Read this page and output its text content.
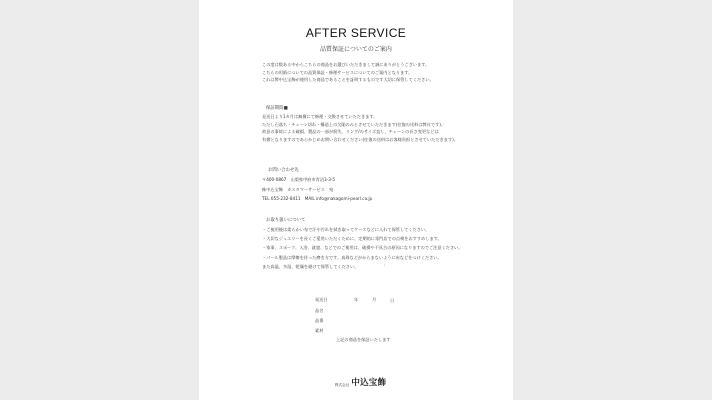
AFTER SERVICE
品質保証についてのご案内
この度は数ある中からこちらの商品をお選びいただきまして誠にありがとうございます。
こちらの用紙についての品質保証・修理サービスについてのご案内となります。
これは弊中込宝飾が使用した商品であることを証明するものです大切に保管してください。
保証期間■
見送日より1カ月は無償にて修理・交換させていただきます。
ただし石落ち・チェーン切れ・構造上の欠陥のみとさせていただきます(往復の送料は弊社です)。
故意の事故による破損、製品の一部が紛失、リング/のサイズ直し、チェーンの長さ変更などは
有償となりますのであらかじめお問い合わせください(往復の送料はお客様負担とさせていただきます)。
お問い合わせ先
〒400-0867　山梨県甲府市青沼3-3-5
株中込宝飾　カスタマーサービス　宛
TEL 055-232-8411　MAIL info@nakagomi-pearl.co.jp
お取り扱いについて
・ご使用後は柔らかい布で汗や汚れを拭き取ってケースなどに入れて保管してください。
・大切なジュエリーを長くご愛用いただくために、定期的に専門店での点検をおすすめします。
・家事、スポーツ、入浴、就寝、などでのご使用は、破損や不具合の原因になりますのでご注意ください。
・パール製品は摩擦を伴った磨き方です。真珠などがからまないように布などをつけください。
また高温、多湿、乾燥を避けて保管してください。	'
発送日	年	月	日
品名
品番
素材
上記の商品を保証いたします
株式会社 中込宝飾
